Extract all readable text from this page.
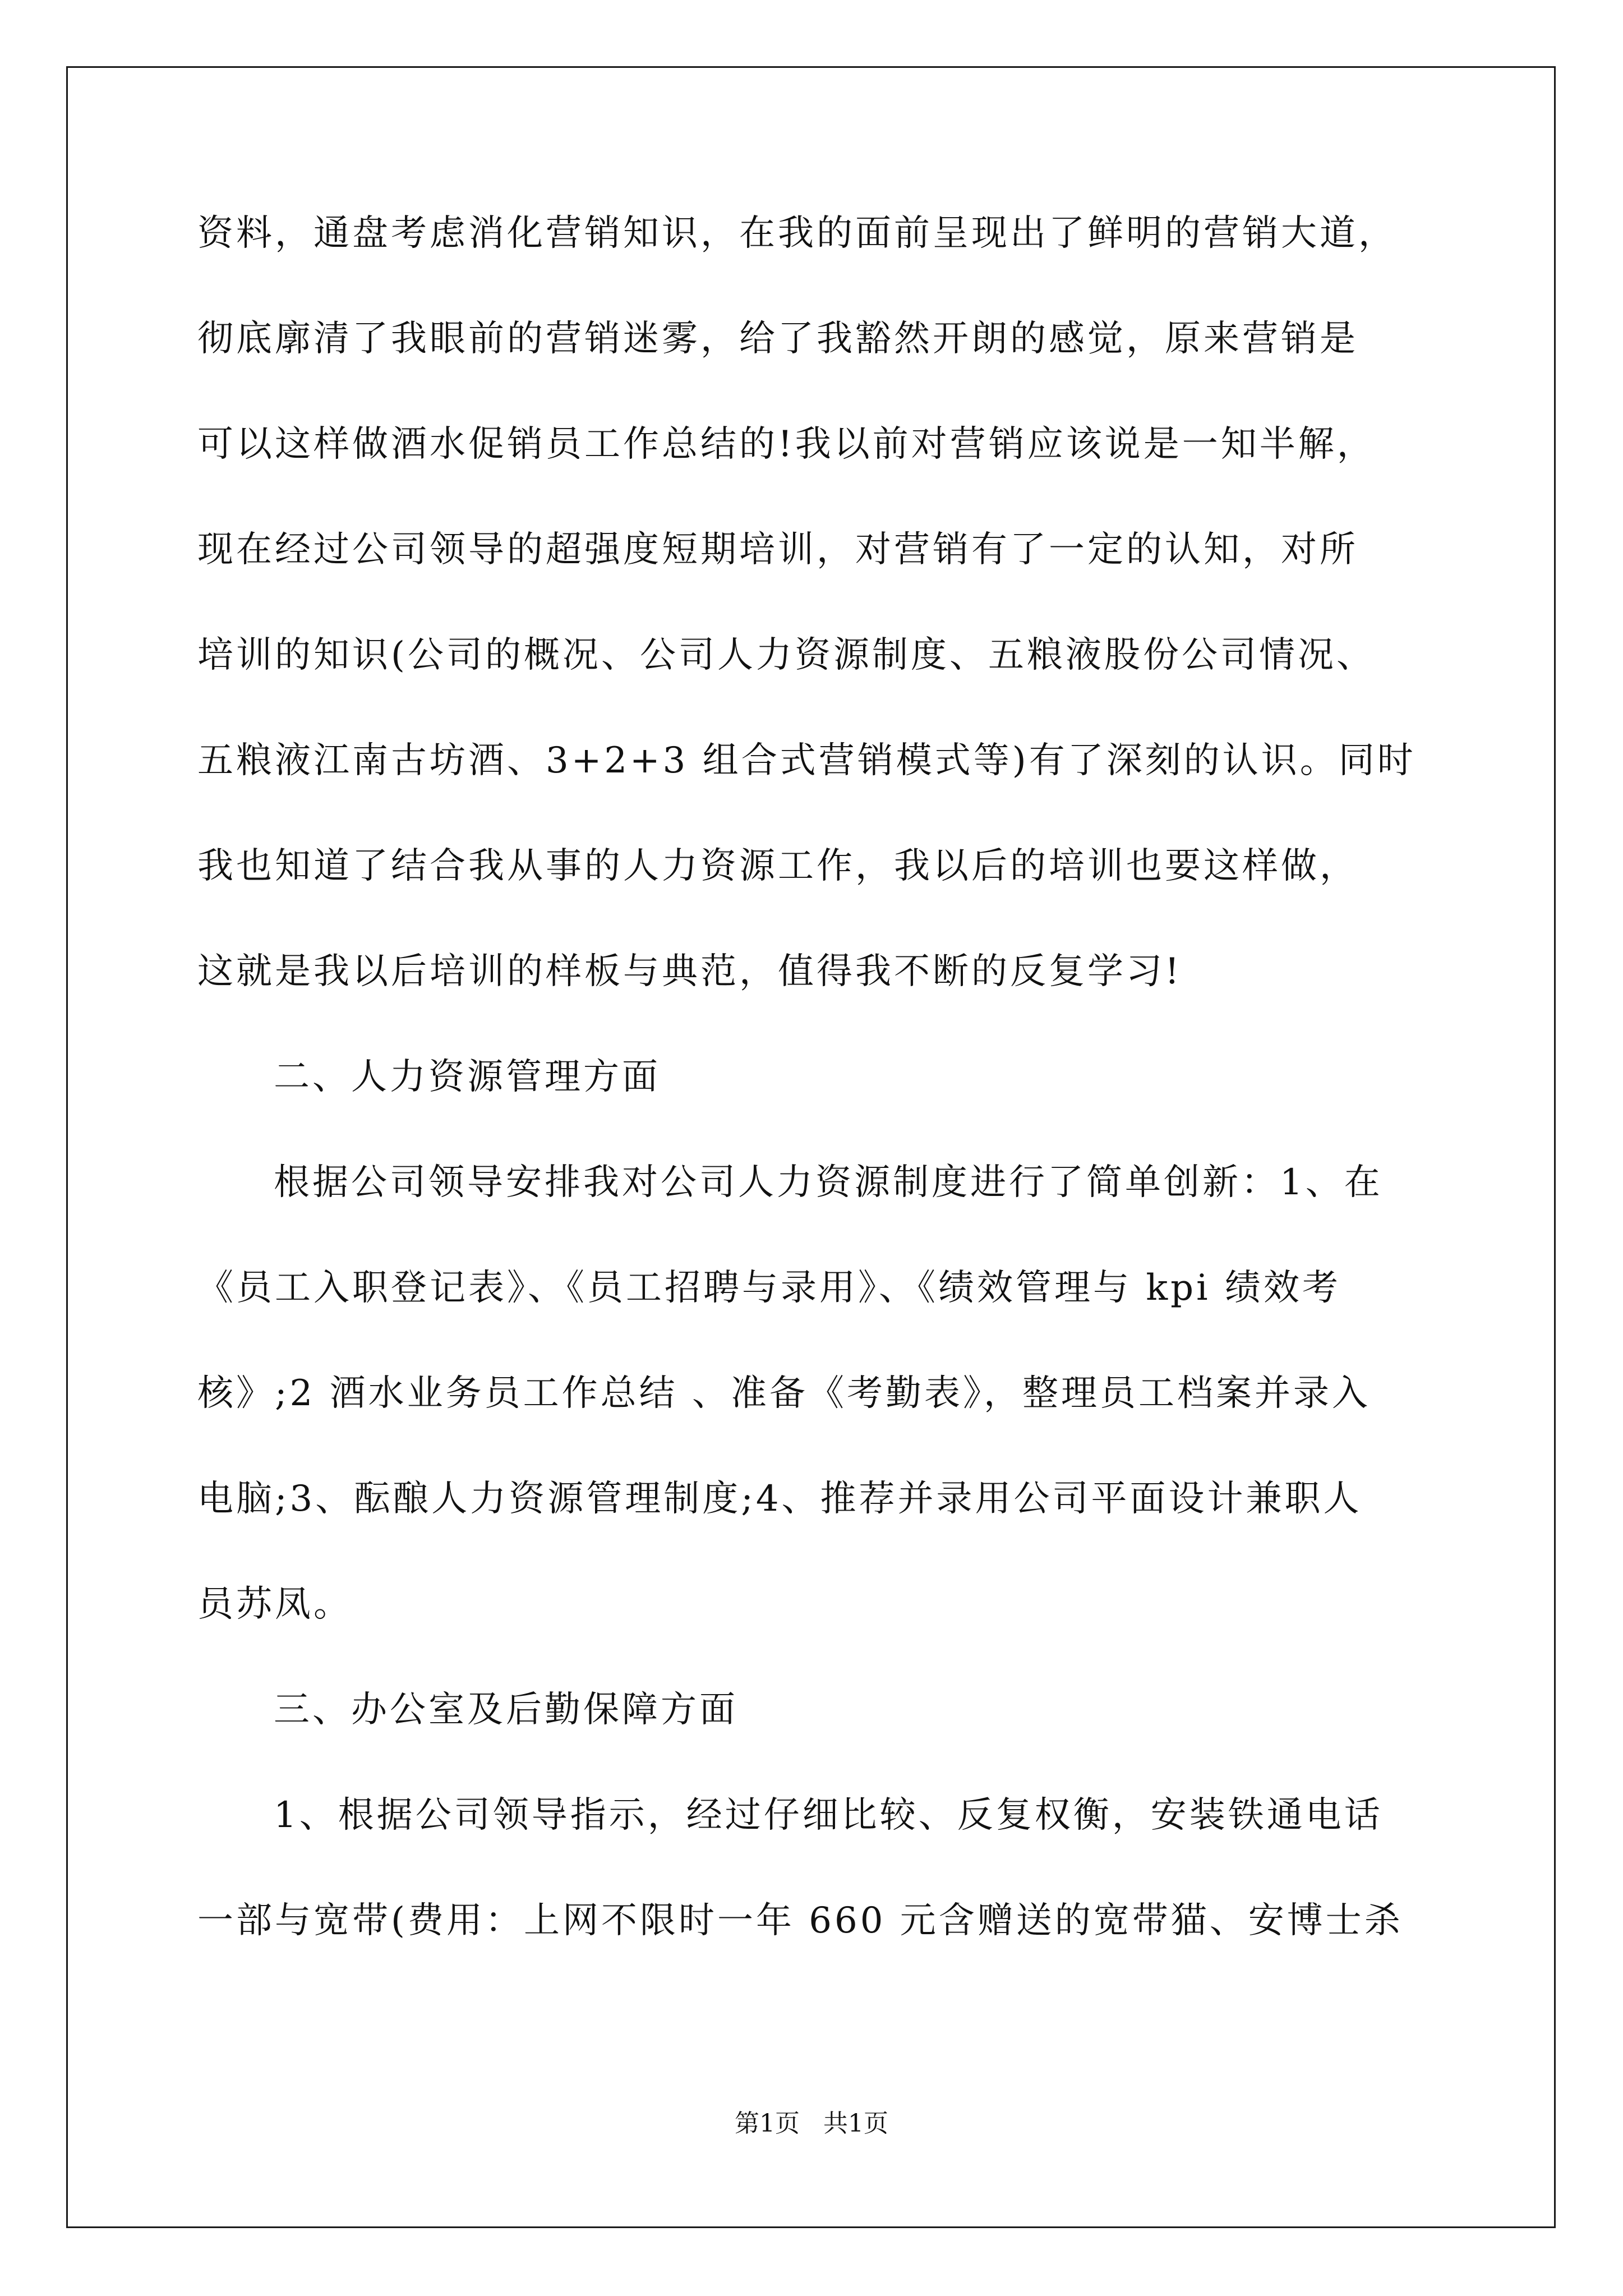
资料，通盘考虑消化营销知识，在我的面前呈现出了鲜明的营销大道，

彻底廓清了我眼前的营销迷雾，给了我豁然开朗的感觉，原来营销是

可以这样做酒水促销员工作总结的!我以前对营销应该说是一知半解，

现在经过公司领导的超强度短期培训，对营销有了一定的认知，对所

培训的知识(公司的概况、公司人力资源制度、五粮液股份公司情况、

五粮液江南古坊酒、3+2+3 组合式营销模式等)有了深刻的认识。同时

我也知道了结合我从事的人力资源工作，我以后的培训也要这样做，

这就是我以后培训的样板与典范，值得我不断的反复学习!

二、人力资源管理方面

根据公司领导安排我对公司人力资源制度进行了简单创新：1、在

《员工入职登记表》、《员工招聘与录用》、《绩效管理与 kpi 绩效考

核》;2 酒水业务员工作总结 、准备《考勤表》，整理员工档案并录入

电脑;3、酝酿人力资源管理制度;4、推荐并录用公司平面设计兼职人

员苏凤。

三、办公室及后勤保障方面

1、根据公司领导指示，经过仔细比较、反复权衡，安装铁通电话

一部与宽带(费用：上网不限时一年 660 元含赠送的宽带猫、安博士杀

第1页   共1页
